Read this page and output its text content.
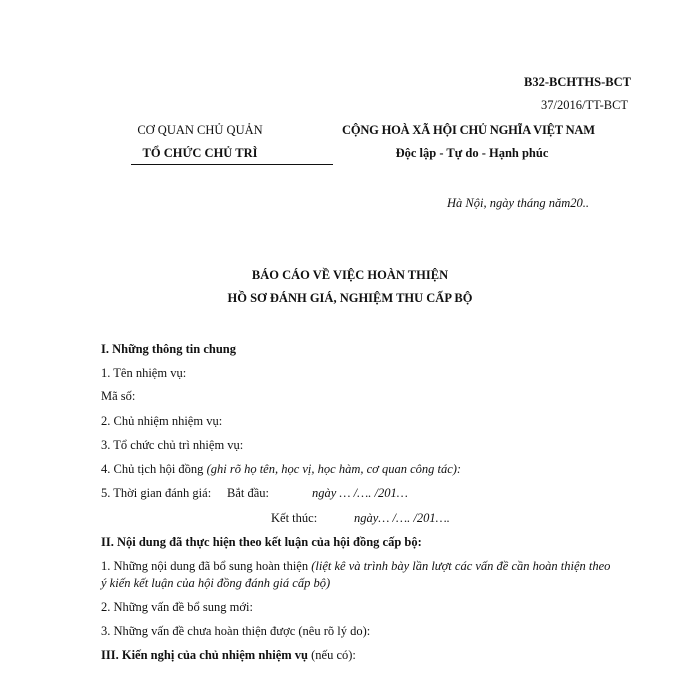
B32-BCHTHS-BCT
37/2016/TT-BCT
CƠ QUAN CHỦ QUẢN
TỔ CHỨC CHỦ TRÌ
CỘNG HOÀ XÃ HỘI CHỦ NGHĨA VIỆT NAM
Độc lập - Tự do - Hạnh phúc
Hà Nội, ngày tháng năm20..
BÁO CÁO VỀ VIỆC HOÀN THIỆN
HỒ SƠ ĐÁNH GIÁ, NGHIỆM THU CẤP BỘ
I. Những thông tin chung
1. Tên nhiệm vụ:
Mã số:
2. Chủ nhiệm nhiệm vụ:
3. Tổ chức chủ trì nhiệm vụ:
4. Chủ tịch hội đồng (ghi rõ họ tên, học vị, học hàm, cơ quan công tác):
5. Thời gian đánh giá: Bắt đầu:	ngày … /…. /201…
Kết thúc:	ngày… /…. /201….
II. Nội dung đã thực hiện theo kết luận của hội đồng cấp bộ:
1. Những nội dung đã bổ sung hoàn thiện (liệt kê và trình bày lần lượt các vấn đề cần hoàn thiện theo
ý kiến kết luận của hội đồng đánh giá cấp bộ)
2. Những vấn đề bổ sung mới:
3. Những vấn đề chưa hoàn thiện được (nêu rõ lý do):
III. Kiến nghị của chủ nhiệm nhiệm vụ (nếu có):
